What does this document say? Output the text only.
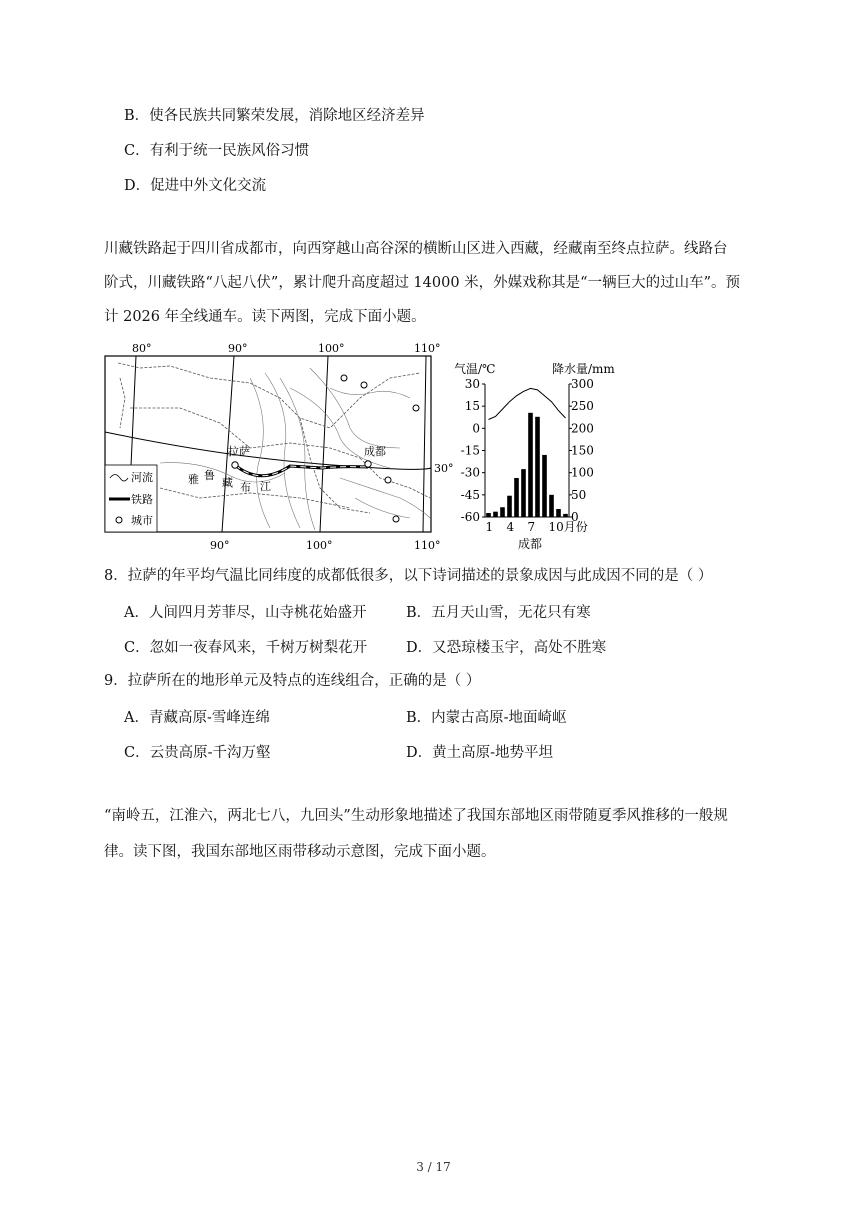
B．使各民族共同繁荣发展，消除地区经济差异
C．有利于统一民族风俗习惯
D．促进中外文化交流
川藏铁路起于四川省成都市，向西穿越山高谷深的横断山区进入西藏，经藏南至终点拉萨。线路台
阶式，川藏铁路“八起八伏”，累计爬升高度超过 14000 米，外媒戏称其是“一辆巨大的过山车”。预
计 2026 年全线通车。读下两图，完成下面小题。
80°	90°	100°	110°
拉萨	成都
雅 鲁
藏 布 江
30°
河流
铁路
城市
90°	100°	110°
气温/℃	降水量/mm
30
15
0
-15
-30
-45
-60
300
250
200
150
100
50
0
1 4 7 10月份
成都
8．拉萨的年平均气温比同纬度的成都低很多，以下诗词描述的景象成因与此成因不同的是（ ）
A．人间四月芳菲尽，山寺桃花始盛开	B．五月天山雪，无花只有寒
C．忽如一夜春风来，千树万树梨花开	D．又恐琼楼玉宇，高处不胜寒
9．拉萨所在的地形单元及特点的连线组合，正确的是（ ）
A．青藏高原-雪峰连绵	B．内蒙古高原-地面崎岖
C．云贵高原-千沟万壑	D．黄土高原-地势平坦
“南岭五，江淮六，两北七八，九回头”生动形象地描述了我国东部地区雨带随夏季风推移的一般规
律。读下图，我国东部地区雨带移动示意图，完成下面小题。
3 / 17
